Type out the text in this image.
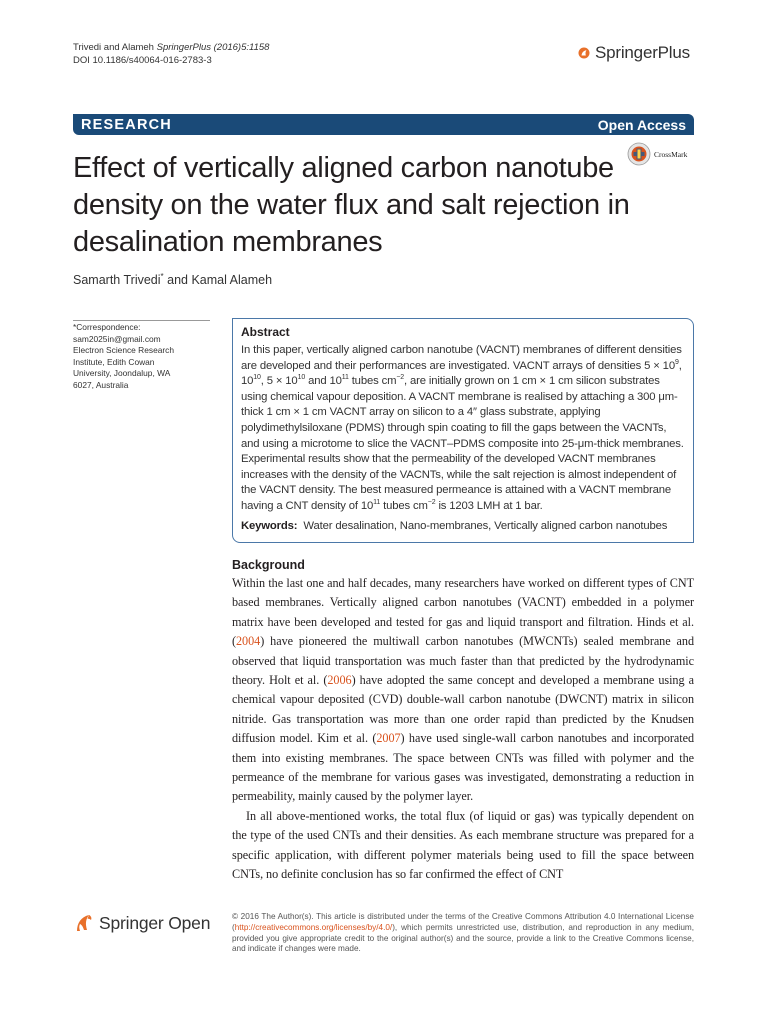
Trivedi and Alameh SpringerPlus (2016)5:1158
DOI 10.1186/s40064-016-2783-3	SpringerPlus
RESEARCH	Open Access
CrossMark
Effect of vertically aligned carbon nanotube density on the water flux and salt rejection in desalination membranes
Samarth Trivedi* and Kamal Alameh
*Correspondence:
sam2025in@gmail.com
Electron Science Research
Institute, Edith Cowan
University, Joondalup, WA
6027, Australia
Abstract

In this paper, vertically aligned carbon nanotube (VACNT) membranes of different densities are developed and their performances are investigated. VACNT arrays of densities $5 \times 10^9$, $10^{10}$, $5 \times 10^{10}$ and $10^{11}$ tubes $cm^{-2}$, are initially grown on 1 cm × 1 cm silicon substrates using chemical vapour deposition. A VACNT membrane is realised by attaching a 300 μm-thick 1 cm × 1 cm VACNT array on silicon to a 4″ glass substrate, applying polydimethylsiloxane (PDMS) through spin coating to fill the gaps between the VACNTs, and using a microtome to slice the VACNT–PDMS composite into 25-μm-thick membranes. Experimental results show that the permeability of the developed VACNT membranes increases with the density of the VACNTs, while the salt rejection is almost independent of the VACNT density. The best measured permeance is attained with a VACNT membrane having a CNT density of $10^{11}$ tubes $cm^{-2}$ is 1203 LMH at 1 bar.

Keywords: Water desalination, Nano-membranes, Vertically aligned carbon nanotubes
Background

Within the last one and half decades, many researchers have worked on different types of CNT based membranes. Vertically aligned carbon nanotubes (VACNT) embedded in a polymer matrix have been developed and tested for gas and liquid transport and filtration. Hinds et al. (2004) have pioneered the multiwall carbon nanotubes (MWCNTs) sealed membrane and observed that liquid transportation was much faster than that predicted by the hydrodynamic theory. Holt et al. (2006) have adopted the same concept and developed a membrane using a chemical vapour deposited (CVD) double-wall carbon nanotube (DWCNT) matrix in silicon nitride. Gas transportation was more than one order rapid than predicted by the Knudsen diffusion model. Kim et al. (2007) have used single-wall carbon nanotubes and incorporated them into existing membranes. The space between CNTs was filled with polymer and the permeance of the membrane for various gases was investigated, demonstrating a reduction in permeability, mainly caused by the polymer layer.

In all above-mentioned works, the total flux (of liquid or gas) was typically dependent on the type of the used CNTs and their densities. As each membrane structure was prepared for a specific application, with different polymer materials being used to fill the space between CNTs, no definite conclusion has so far confirmed the effect of CNT

Springer Open	© 2016 The Author(s). This article is distributed under the terms of the Creative Commons Attribution 4.0 International License (http://creativecommons.org/licenses/by/4.0/), which permits unrestricted use, distribution, and reproduction in any medium, provided you give appropriate credit to the original author(s) and the source, provide a link to the Creative Commons license, and indicate if changes were made.
